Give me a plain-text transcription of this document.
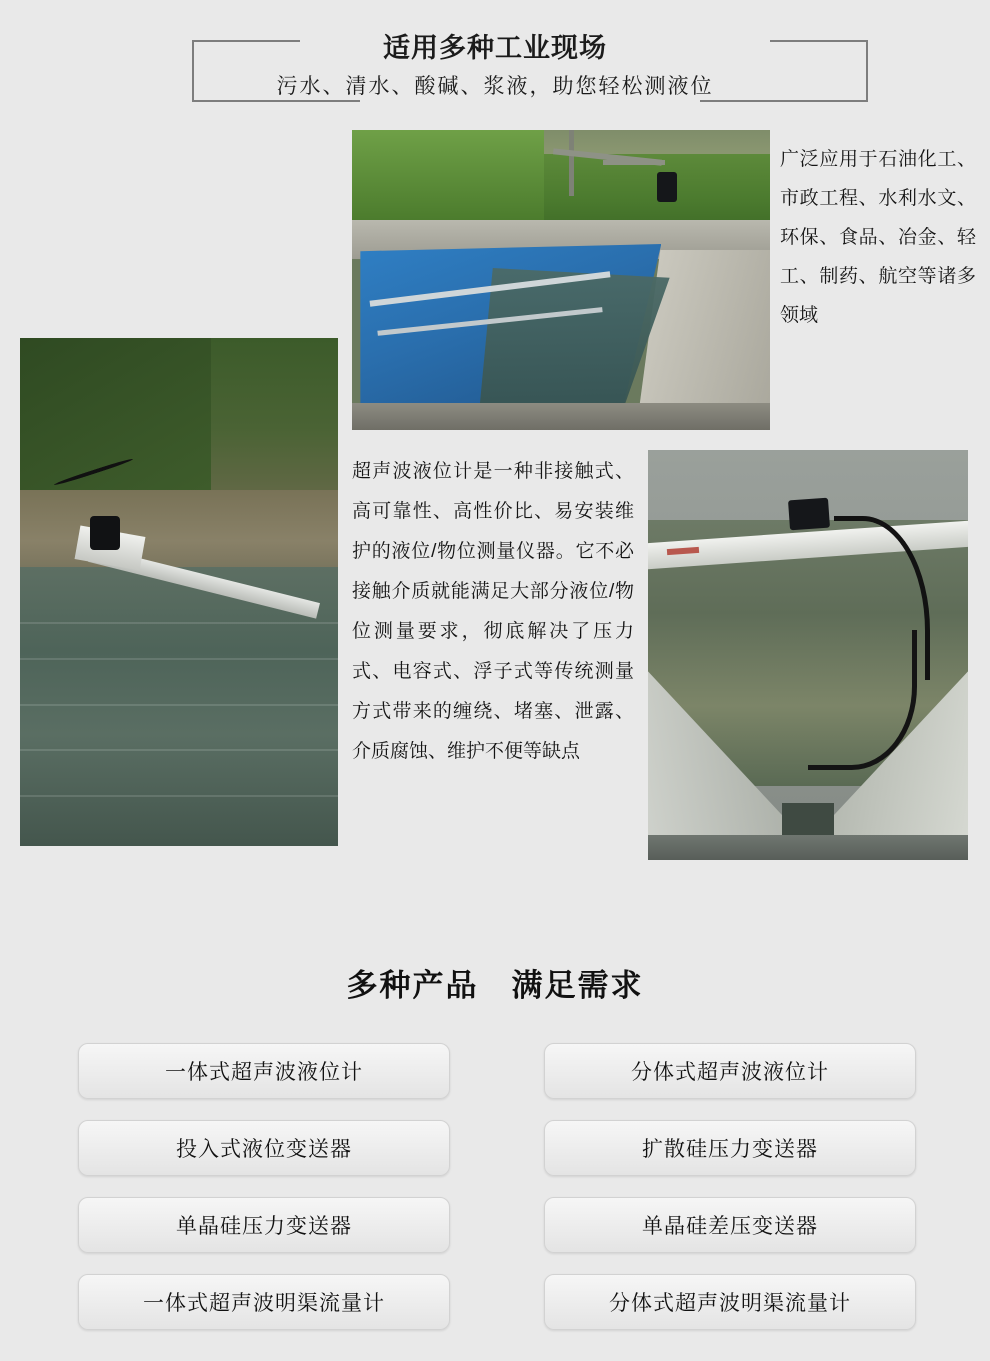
适用多种工业现场
污水、清水、酸碱、浆液，助您轻松测液位
广泛应用于石油化工、市政工程、水利水文、环保、食品、冶金、轻工、制药、航空等诸多领域
超声波液位计是一种非接触式、高可靠性、高性价比、易安装维护的液位/物位测量仪器。它不必接触介质就能满足大部分液位/物位测量要求，彻底解决了压力式、电容式、浮子式等传统测量方式带来的缠绕、堵塞、泄露、介质腐蚀、维护不便等缺点
多种产品　满足需求
一体式超声波液位计	分体式超声波液位计
投入式液位变送器	扩散硅压力变送器
单晶硅压力变送器	单晶硅差压变送器
一体式超声波明渠流量计	分体式超声波明渠流量计
